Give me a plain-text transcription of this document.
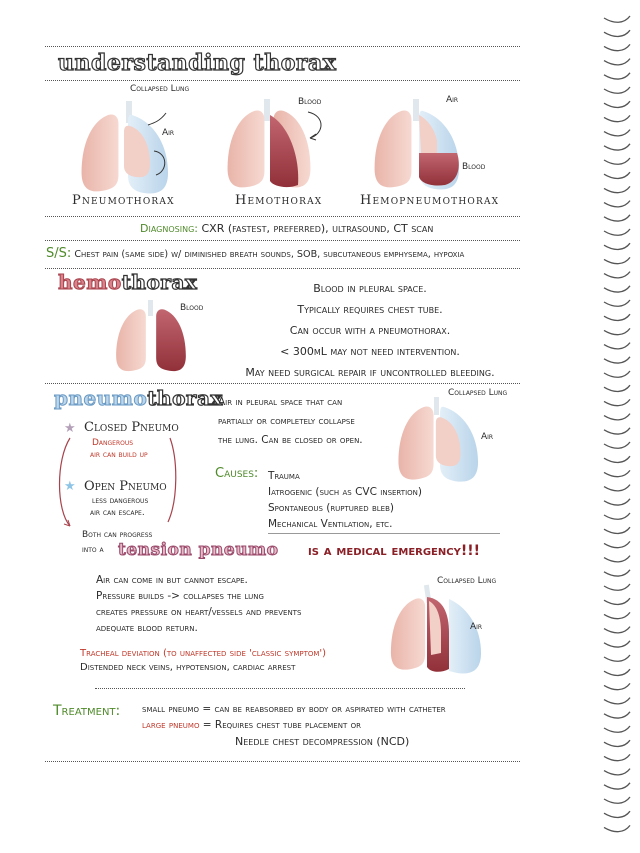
understanding thorax
Collapsed Lung
Air
Pneumothorax
Blood
Hemothorax
Air
Blood
Hemopneumothorax
Diagnosing: CXR (fastest, preferred), ultrasound, CT scan
S/S: Chest pain (same side) w/ diminished breath sounds, SOB, subcutaneous emphysema, hypoxia
hemothorax
Blood
Blood in pleural space.
Typically requires chest tube.
Can occur with a pneumothorax.
< 300mL may not need intervention.
May need surgical repair if uncontrolled bleeding.
pneumothorax
Air in pleural space that can
partially or completely collapse
the lung. Can be closed or open.
Collapsed Lung
Air
★ Closed Pneumo
Dangerous
air can build up
★ Open Pneumo
less dangerous
air can escape.
Both can progress
into a
Causes: Trauma
Iatrogenic (such as CVC insertion)
Spontaneous (ruptured bleb)
Mechanical Ventilation, etc.
tension pneumo is a medical emergency!!!
Air can come in but cannot escape.
Pressure builds -> collapses the lung
creates pressure on heart/vessels and prevents
adequate blood return.
Collapsed Lung
Air
Tracheal deviation (to unaffected side 'classic symptom')
Distended neck veins, hypotension, cardiac arrest
Treatment: small pneumo = can be reabsorbed by body or aspirated with catheter
large pneumo = Requires chest tube placement or
Needle chest decompression (NCD)
